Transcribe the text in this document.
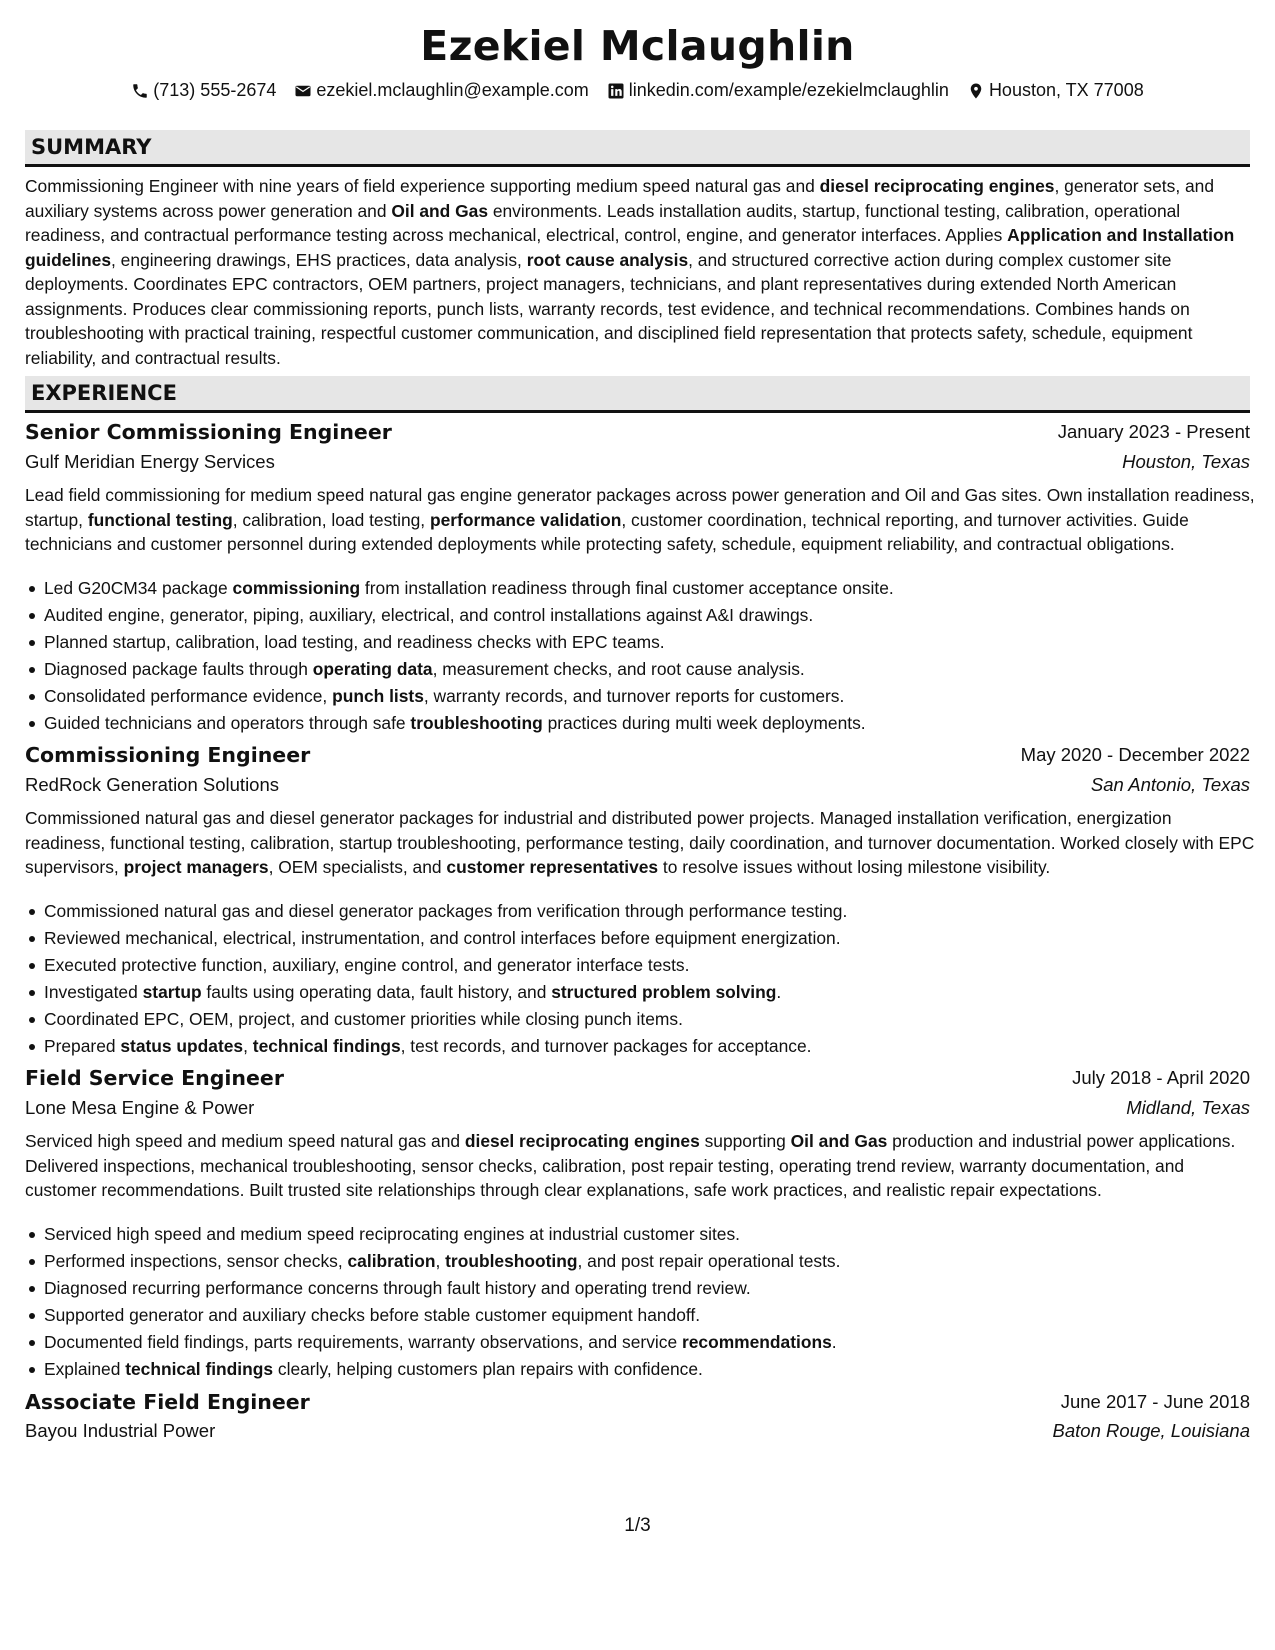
Ezekiel Mclaughlin
(713) 555-2674 ezekiel.mclaughlin@example.com linkedin.com/example/ezekielmclaughlin Houston, TX 77008
SUMMARY
Commissioning Engineer with nine years of field experience supporting medium speed natural gas and diesel reciprocating engines, generator sets, and auxiliary systems across power generation and Oil and Gas environments. Leads installation audits, startup, functional testing, calibration, operational readiness, and contractual performance testing across mechanical, electrical, control, engine, and generator interfaces. Applies Application and Installation guidelines, engineering drawings, EHS practices, data analysis, root cause analysis, and structured corrective action during complex customer site deployments. Coordinates EPC contractors, OEM partners, project managers, technicians, and plant representatives during extended North American assignments. Produces clear commissioning reports, punch lists, warranty records, test evidence, and technical recommendations. Combines hands on troubleshooting with practical training, respectful customer communication, and disciplined field representation that protects safety, schedule, equipment reliability, and contractual results.
EXPERIENCE
Senior Commissioning Engineer	January 2023 - Present
Gulf Meridian Energy Services	Houston, Texas
Lead field commissioning for medium speed natural gas engine generator packages across power generation and Oil and Gas sites. Own installation readiness, startup, functional testing, calibration, load testing, performance validation, customer coordination, technical reporting, and turnover activities. Guide technicians and customer personnel during extended deployments while protecting safety, schedule, equipment reliability, and contractual obligations.
Led G20CM34 package commissioning from installation readiness through final customer acceptance onsite.
Audited engine, generator, piping, auxiliary, electrical, and control installations against A&I drawings.
Planned startup, calibration, load testing, and readiness checks with EPC teams.
Diagnosed package faults through operating data, measurement checks, and root cause analysis.
Consolidated performance evidence, punch lists, warranty records, and turnover reports for customers.
Guided technicians and operators through safe troubleshooting practices during multi week deployments.
Commissioning Engineer	May 2020 - December 2022
RedRock Generation Solutions	San Antonio, Texas
Commissioned natural gas and diesel generator packages for industrial and distributed power projects. Managed installation verification, energization readiness, functional testing, calibration, startup troubleshooting, performance testing, daily coordination, and turnover documentation. Worked closely with EPC supervisors, project managers, OEM specialists, and customer representatives to resolve issues without losing milestone visibility.
Commissioned natural gas and diesel generator packages from verification through performance testing.
Reviewed mechanical, electrical, instrumentation, and control interfaces before equipment energization.
Executed protective function, auxiliary, engine control, and generator interface tests.
Investigated startup faults using operating data, fault history, and structured problem solving.
Coordinated EPC, OEM, project, and customer priorities while closing punch items.
Prepared status updates, technical findings, test records, and turnover packages for acceptance.
Field Service Engineer	July 2018 - April 2020
Lone Mesa Engine & Power	Midland, Texas
Serviced high speed and medium speed natural gas and diesel reciprocating engines supporting Oil and Gas production and industrial power applications. Delivered inspections, mechanical troubleshooting, sensor checks, calibration, post repair testing, operating trend review, warranty documentation, and customer recommendations. Built trusted site relationships through clear explanations, safe work practices, and realistic repair expectations.
Serviced high speed and medium speed reciprocating engines at industrial customer sites.
Performed inspections, sensor checks, calibration, troubleshooting, and post repair operational tests.
Diagnosed recurring performance concerns through fault history and operating trend review.
Supported generator and auxiliary checks before stable customer equipment handoff.
Documented field findings, parts requirements, warranty observations, and service recommendations.
Explained technical findings clearly, helping customers plan repairs with confidence.
Associate Field Engineer	June 2017 - June 2018
Bayou Industrial Power	Baton Rouge, Louisiana
1/3
